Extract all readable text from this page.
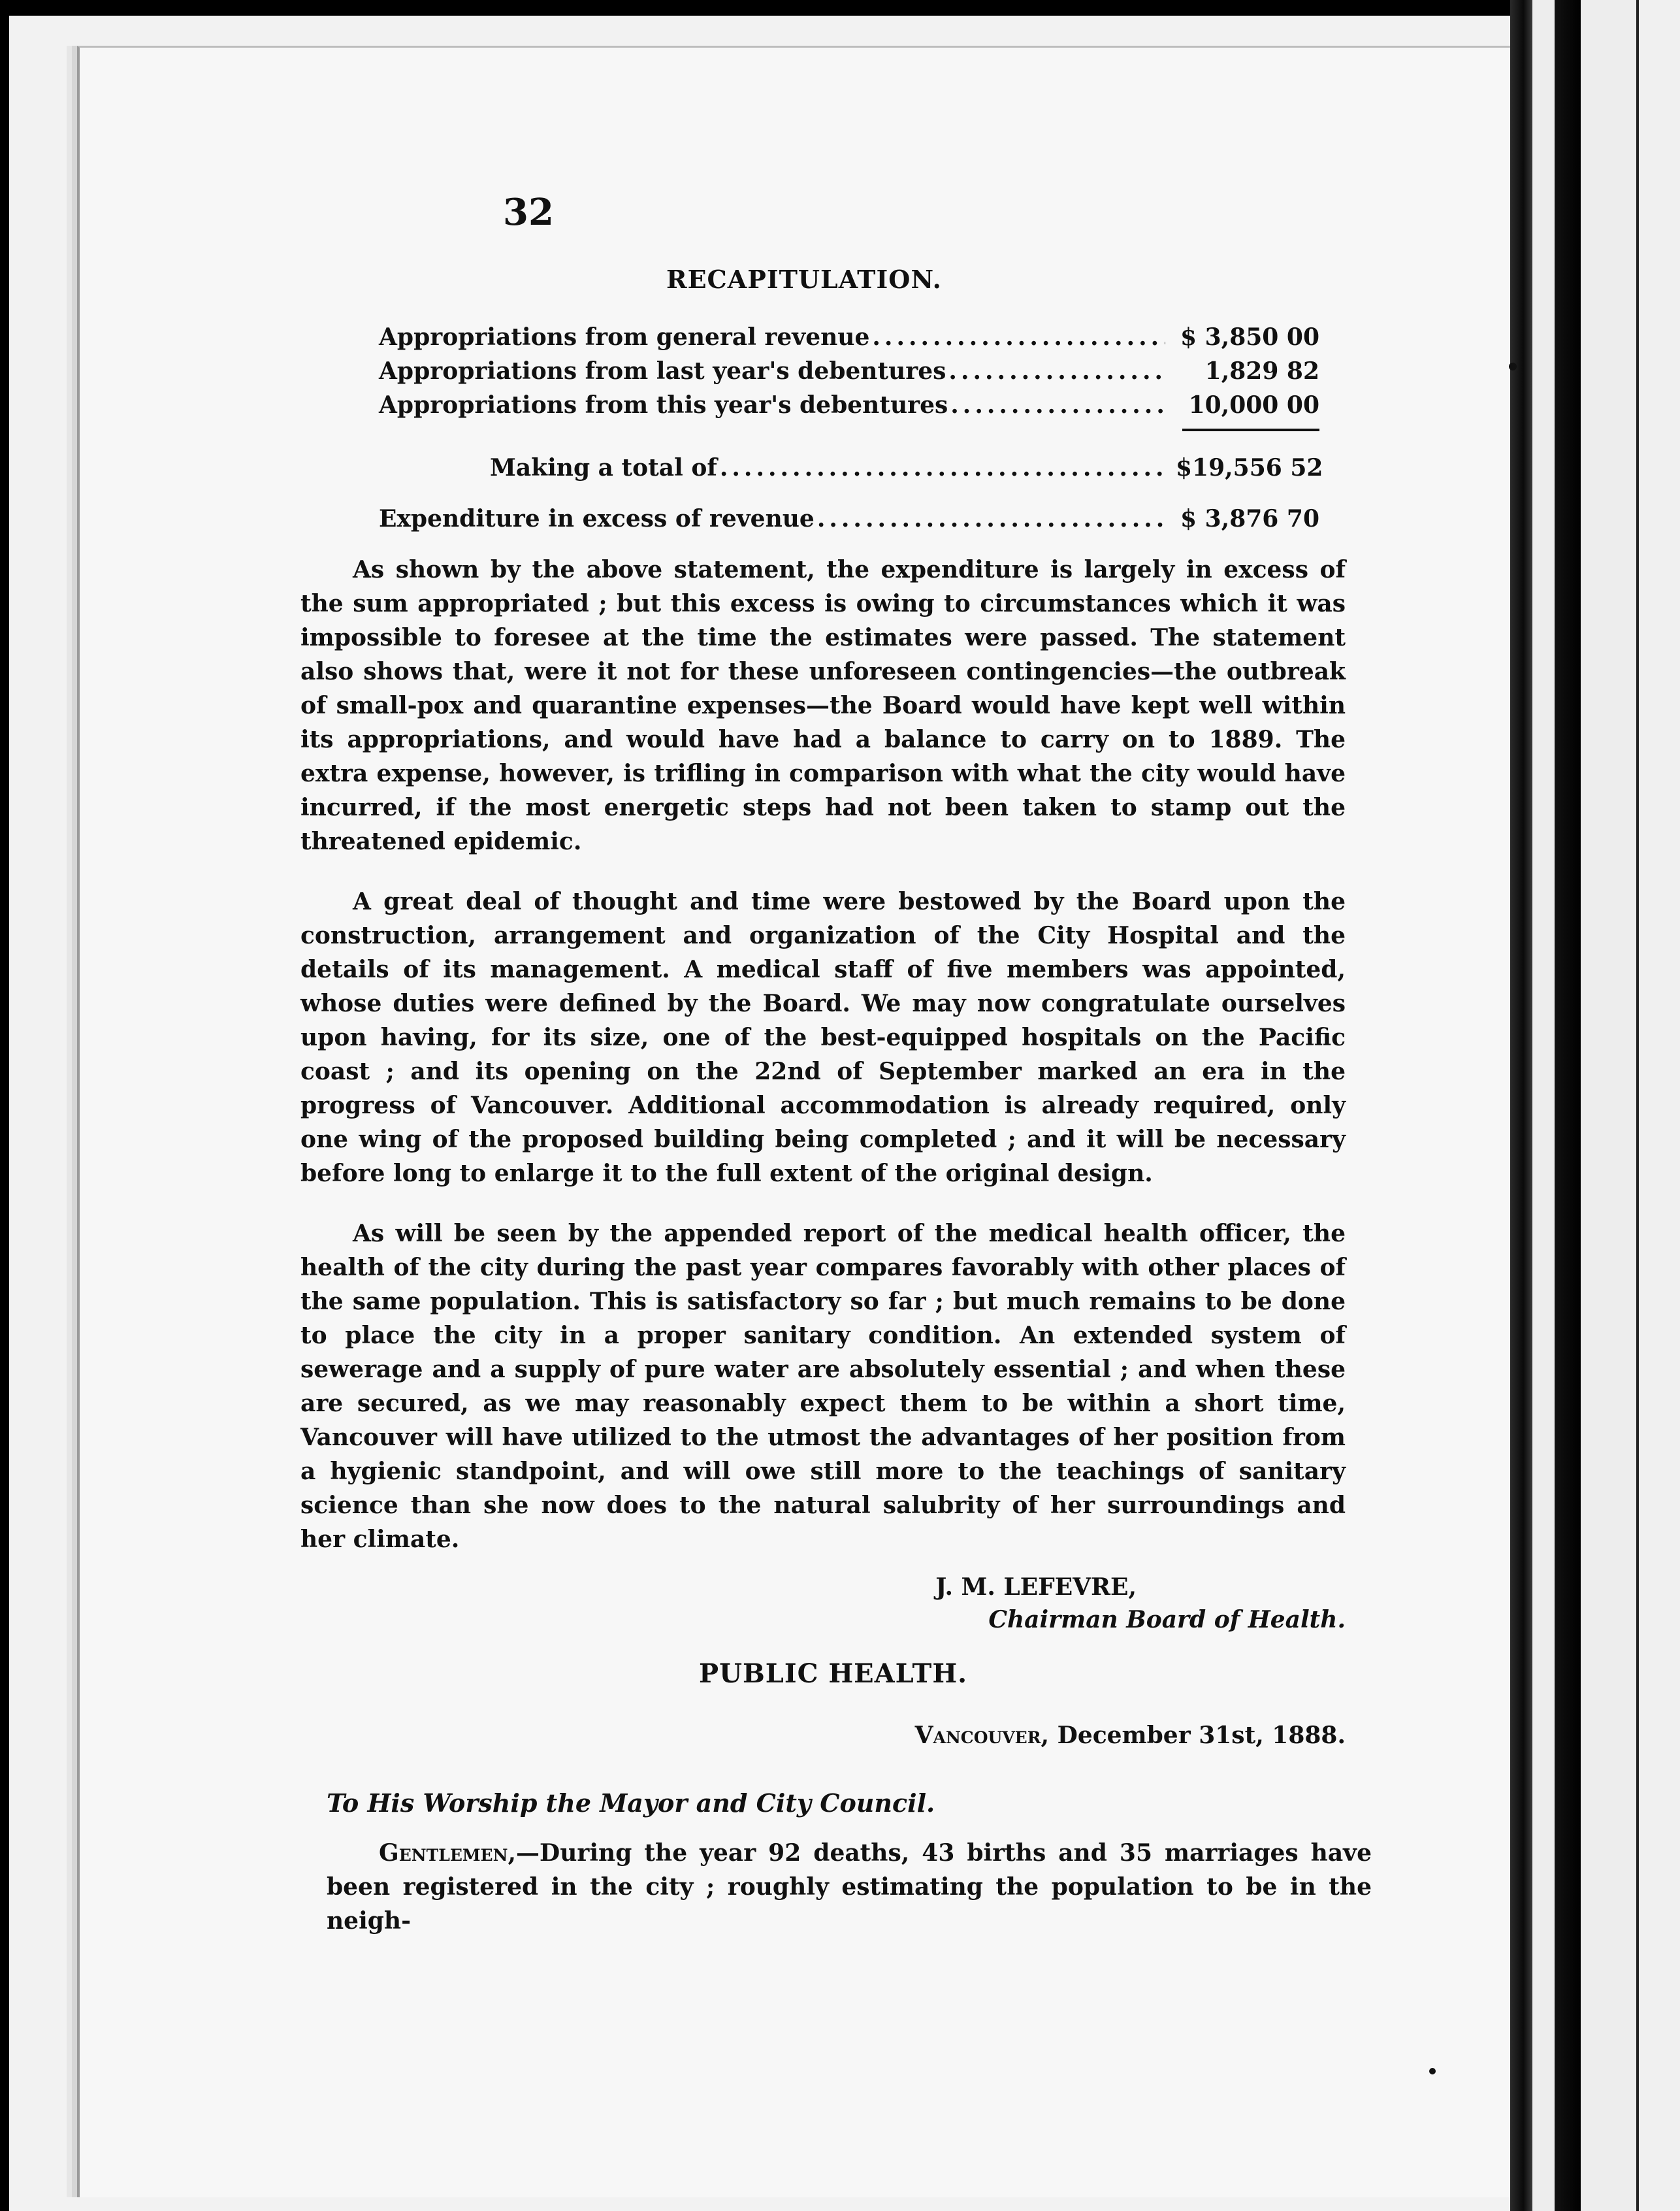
32
RECAPITULATION.
Appropriations from general revenue .....	$ 3,850 00
Appropriations from last year's debentures .....	1,829 82
Appropriations from this year's debentures .....	10,000 00
Making a total of .....	$19,556 52
Expenditure in excess of revenue .....	$ 3,876 70

As shown by the above statement, the expenditure is largely in excess of the sum appropriated ; but this excess is owing to circumstances which it was impossible to foresee at the time the estimates were passed. The statement also shows that, were it not for these unforeseen contingencies—the outbreak of small-pox and quarantine expenses—the Board would have kept well within its appropriations, and would have had a balance to carry on to 1889. The extra expense, however, is trifling in comparison with what the city would have incurred, if the most energetic steps had not been taken to stamp out the threatened epidemic.

A great deal of thought and time were bestowed by the Board upon the construction, arrangement and organization of the City Hospital and the details of its management. A medical staff of five members was appointed, whose duties were defined by the Board. We may now congratulate ourselves upon having, for its size, one of the best-equipped hospitals on the Pacific coast ; and its opening on the 22nd of September marked an era in the progress of Vancouver. Additional accommodation is already required, only one wing of the proposed building being completed ; and it will be necessary before long to enlarge it to the full extent of the original design.

As will be seen by the appended report of the medical health officer, the health of the city during the past year compares favorably with other places of the same population. This is satisfactory so far ; but much remains to be done to place the city in a proper sanitary condition. An extended system of sewerage and a supply of pure water are absolutely essential ; and when these are secured, as we may reasonably expect them to be within a short time, Vancouver will have utilized to the utmost the advantages of her position from a hygienic standpoint, and will owe still more to the teachings of sanitary science than she now does to the natural salubrity of her surroundings and her climate.

J. M. LEFEVRE,
Chairman Board of Health.
PUBLIC HEALTH.
Vancouver, December 31st, 1888.
To His Worship the Mayor and City Council.

Gentlemen,—During the year 92 deaths, 43 births and 35 marriages have been registered in the city ; roughly estimating the population to be in the neigh-
